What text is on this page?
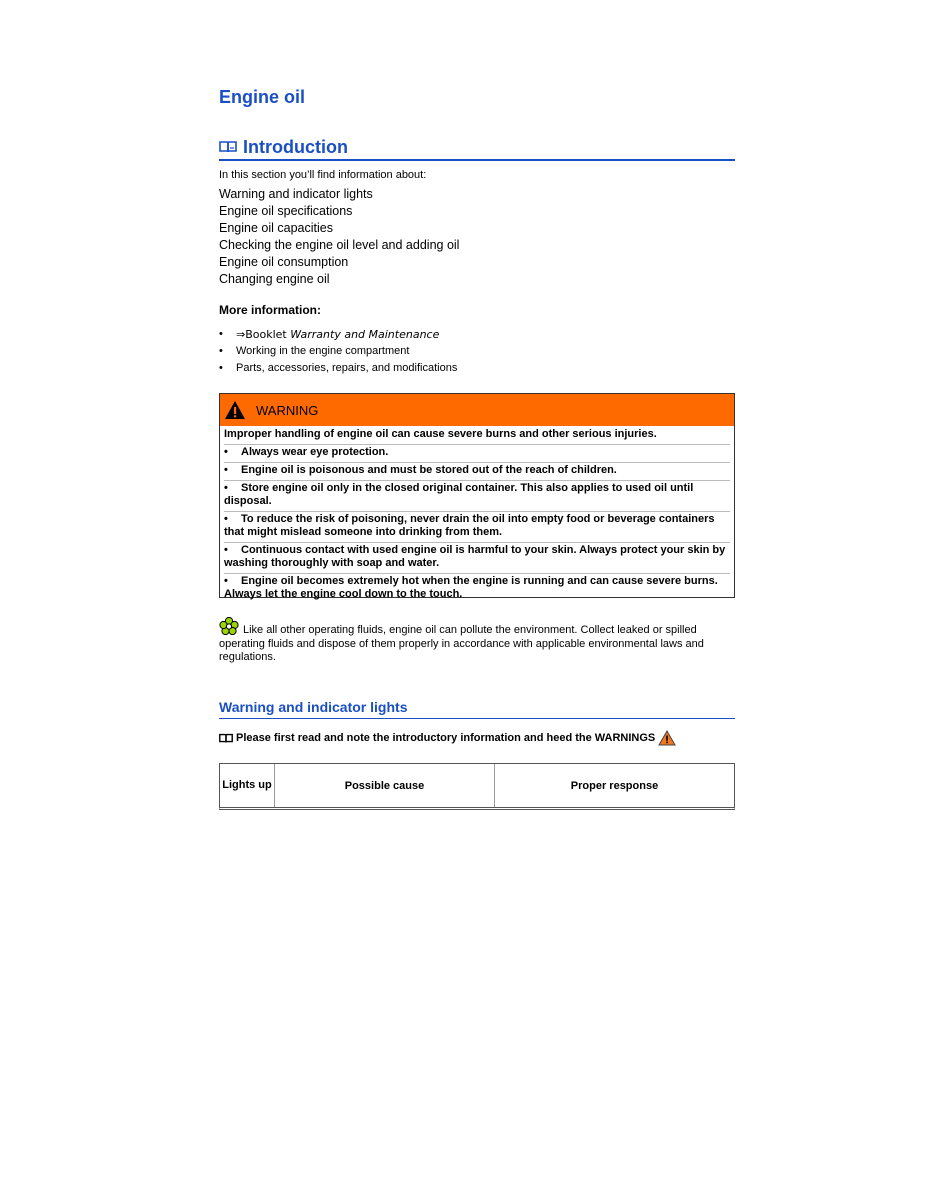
Engine oil
Introduction
In this section you’ll find information about:
Warning and indicator lights
Engine oil specifications
Engine oil capacities
Checking the engine oil level and adding oil
Engine oil consumption
Changing engine oil
More information:
• ⇒Booklet Warranty and Maintenance
• Working in the engine compartment
• Parts, accessories, repairs, and modifications
WARNING
Improper handling of engine oil can cause severe burns and other serious injuries.
• Always wear eye protection.
• Engine oil is poisonous and must be stored out of the reach of children.
• Store engine oil only in the closed original container. This also applies to used oil until disposal.
• To reduce the risk of poisoning, never drain the oil into empty food or beverage containers that might mislead someone into drinking from them.
• Continuous contact with used engine oil is harmful to your skin. Always protect your skin by washing thoroughly with soap and water.
• Engine oil becomes extremely hot when the engine is running and can cause severe burns. Always let the engine cool down to the touch.
Like all other operating fluids, engine oil can pollute the environment. Collect leaked or spilled operating fluids and dispose of them properly in accordance with applicable environmental laws and regulations.
Warning and indicator lights
Please first read and note the introductory information and heed the WARNINGS
Lights up	Possible cause	Proper response
